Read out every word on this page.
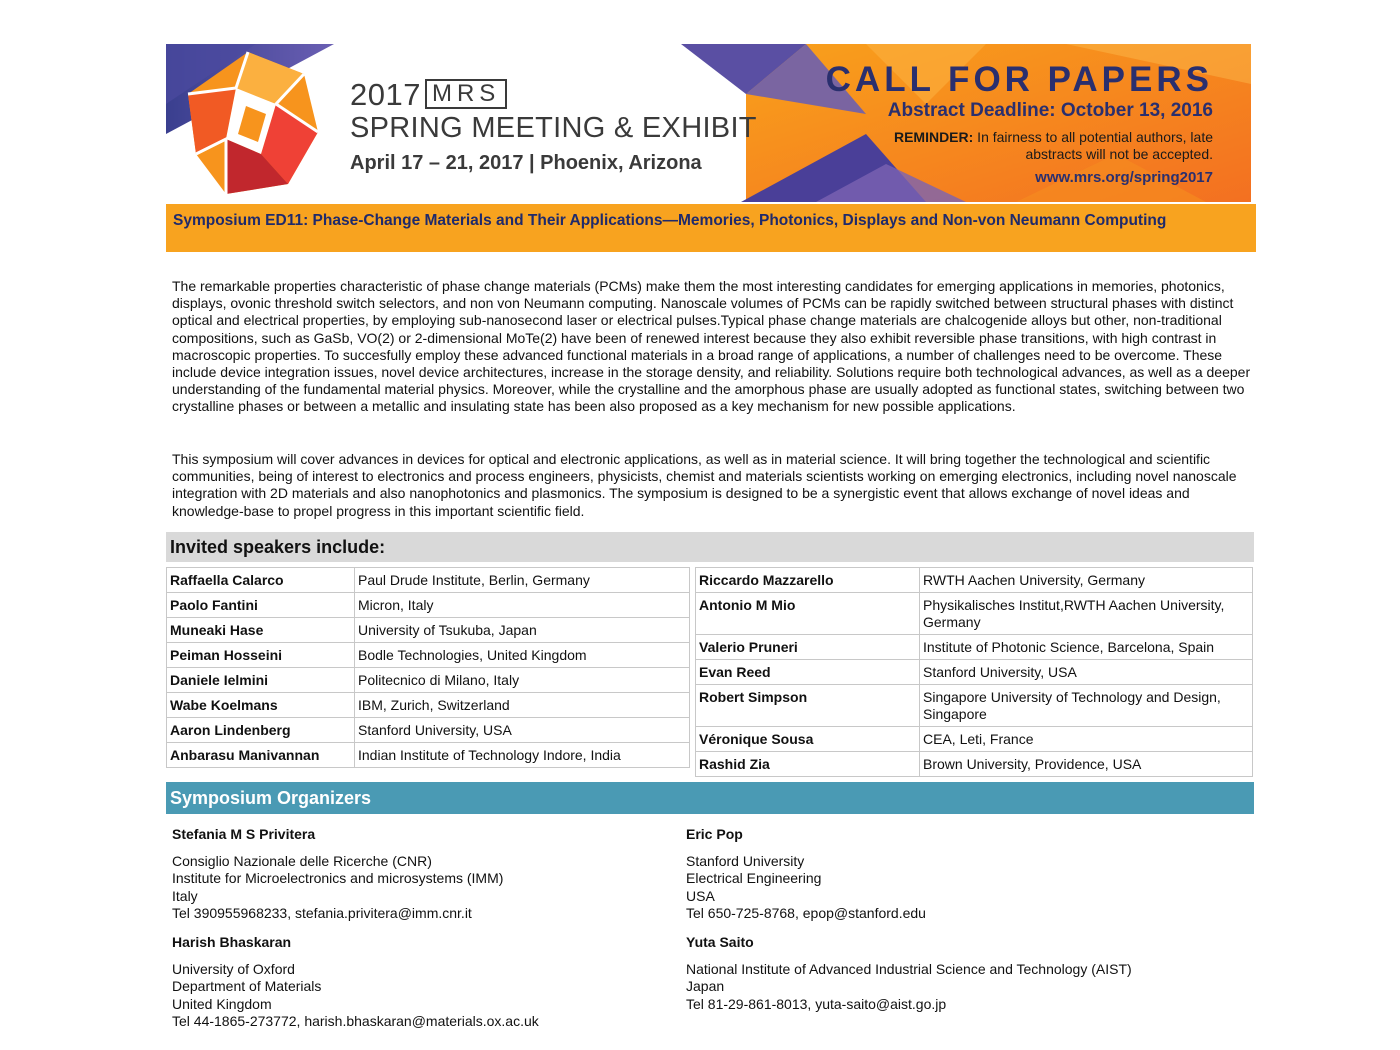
2017 MRS
SPRING MEETING & EXHIBIT
April 17 – 21, 2017 | Phoenix, Arizona
CALL FOR PAPERS
Abstract Deadline: October 13, 2016
REMINDER: In fairness to all potential authors, late abstracts will not be accepted.
www.mrs.org/spring2017
Symposium ED11: Phase-Change Materials and Their Applications—Memories, Photonics, Displays and Non-von Neumann Computing
The remarkable properties characteristic of phase change materials (PCMs) make them the most interesting candidates for emerging applications in memories, photonics, displays, ovonic threshold switch selectors, and non von Neumann computing. Nanoscale volumes of PCMs can be rapidly switched between structural phases with distinct optical and electrical properties, by employing sub-nanosecond laser or electrical pulses.Typical phase change materials are chalcogenide alloys but other, non-traditional compositions, such as GaSb, VO(2) or 2-dimensional MoTe(2) have been of renewed interest because they also exhibit reversible phase transitions, with high contrast in macroscopic properties. To succesfully employ these advanced functional materials in a broad range of applications, a number of challenges need to be overcome. These include device integration issues, novel device architectures, increase in the storage density, and reliability. Solutions require both technological advances, as well as a deeper understanding of the fundamental material physics. Moreover, while the crystalline and the amorphous phase are usually adopted as functional states, switching between two crystalline phases or between a metallic and insulating state has been also proposed as a key mechanism for new possible applications.
This symposium will cover advances in devices for optical and electronic applications, as well as in material science. It will bring together the technological and scientific communities, being of interest to electronics and process engineers, physicists, chemist and materials scientists working on emerging electronics, including novel nanoscale integration with 2D materials and also nanophotonics and plasmonics. The symposium is designed to be a synergistic event that allows exchange of novel ideas and knowledge-base to propel progress in this important scientific field.
Invited speakers include:
Raffaella Calarco	Paul Drude Institute, Berlin, Germany
Paolo Fantini	Micron, Italy
Muneaki Hase	University of Tsukuba, Japan
Peiman Hosseini	Bodle Technologies, United Kingdom
Daniele Ielmini	Politecnico di Milano, Italy
Wabe Koelmans	IBM, Zurich, Switzerland
Aaron Lindenberg	Stanford University, USA
Anbarasu Manivannan	Indian Institute of Technology Indore, India
Riccardo Mazzarello	RWTH Aachen University, Germany
Antonio M Mio	Physikalisches Institut,RWTH Aachen University, Germany
Valerio Pruneri	Institute of Photonic Science, Barcelona, Spain
Evan Reed	Stanford University, USA
Robert Simpson	Singapore University of Technology and Design, Singapore
Véronique Sousa	CEA, Leti, France
Rashid Zia	Brown University, Providence, USA
Symposium Organizers
Stefania M S Privitera
Consiglio Nazionale delle Ricerche (CNR)
Institute for Microelectronics and microsystems (IMM)
Italy
Tel 390955968233, stefania.privitera@imm.cnr.it
Eric Pop
Stanford University
Electrical Engineering
USA
Tel 650-725-8768, epop@stanford.edu
Harish Bhaskaran
University of Oxford
Department of Materials
United Kingdom
Tel 44-1865-273772, harish.bhaskaran@materials.ox.ac.uk
Yuta Saito
National Institute of Advanced Industrial Science and Technology (AIST)
Japan
Tel 81-29-861-8013, yuta-saito@aist.go.jp
